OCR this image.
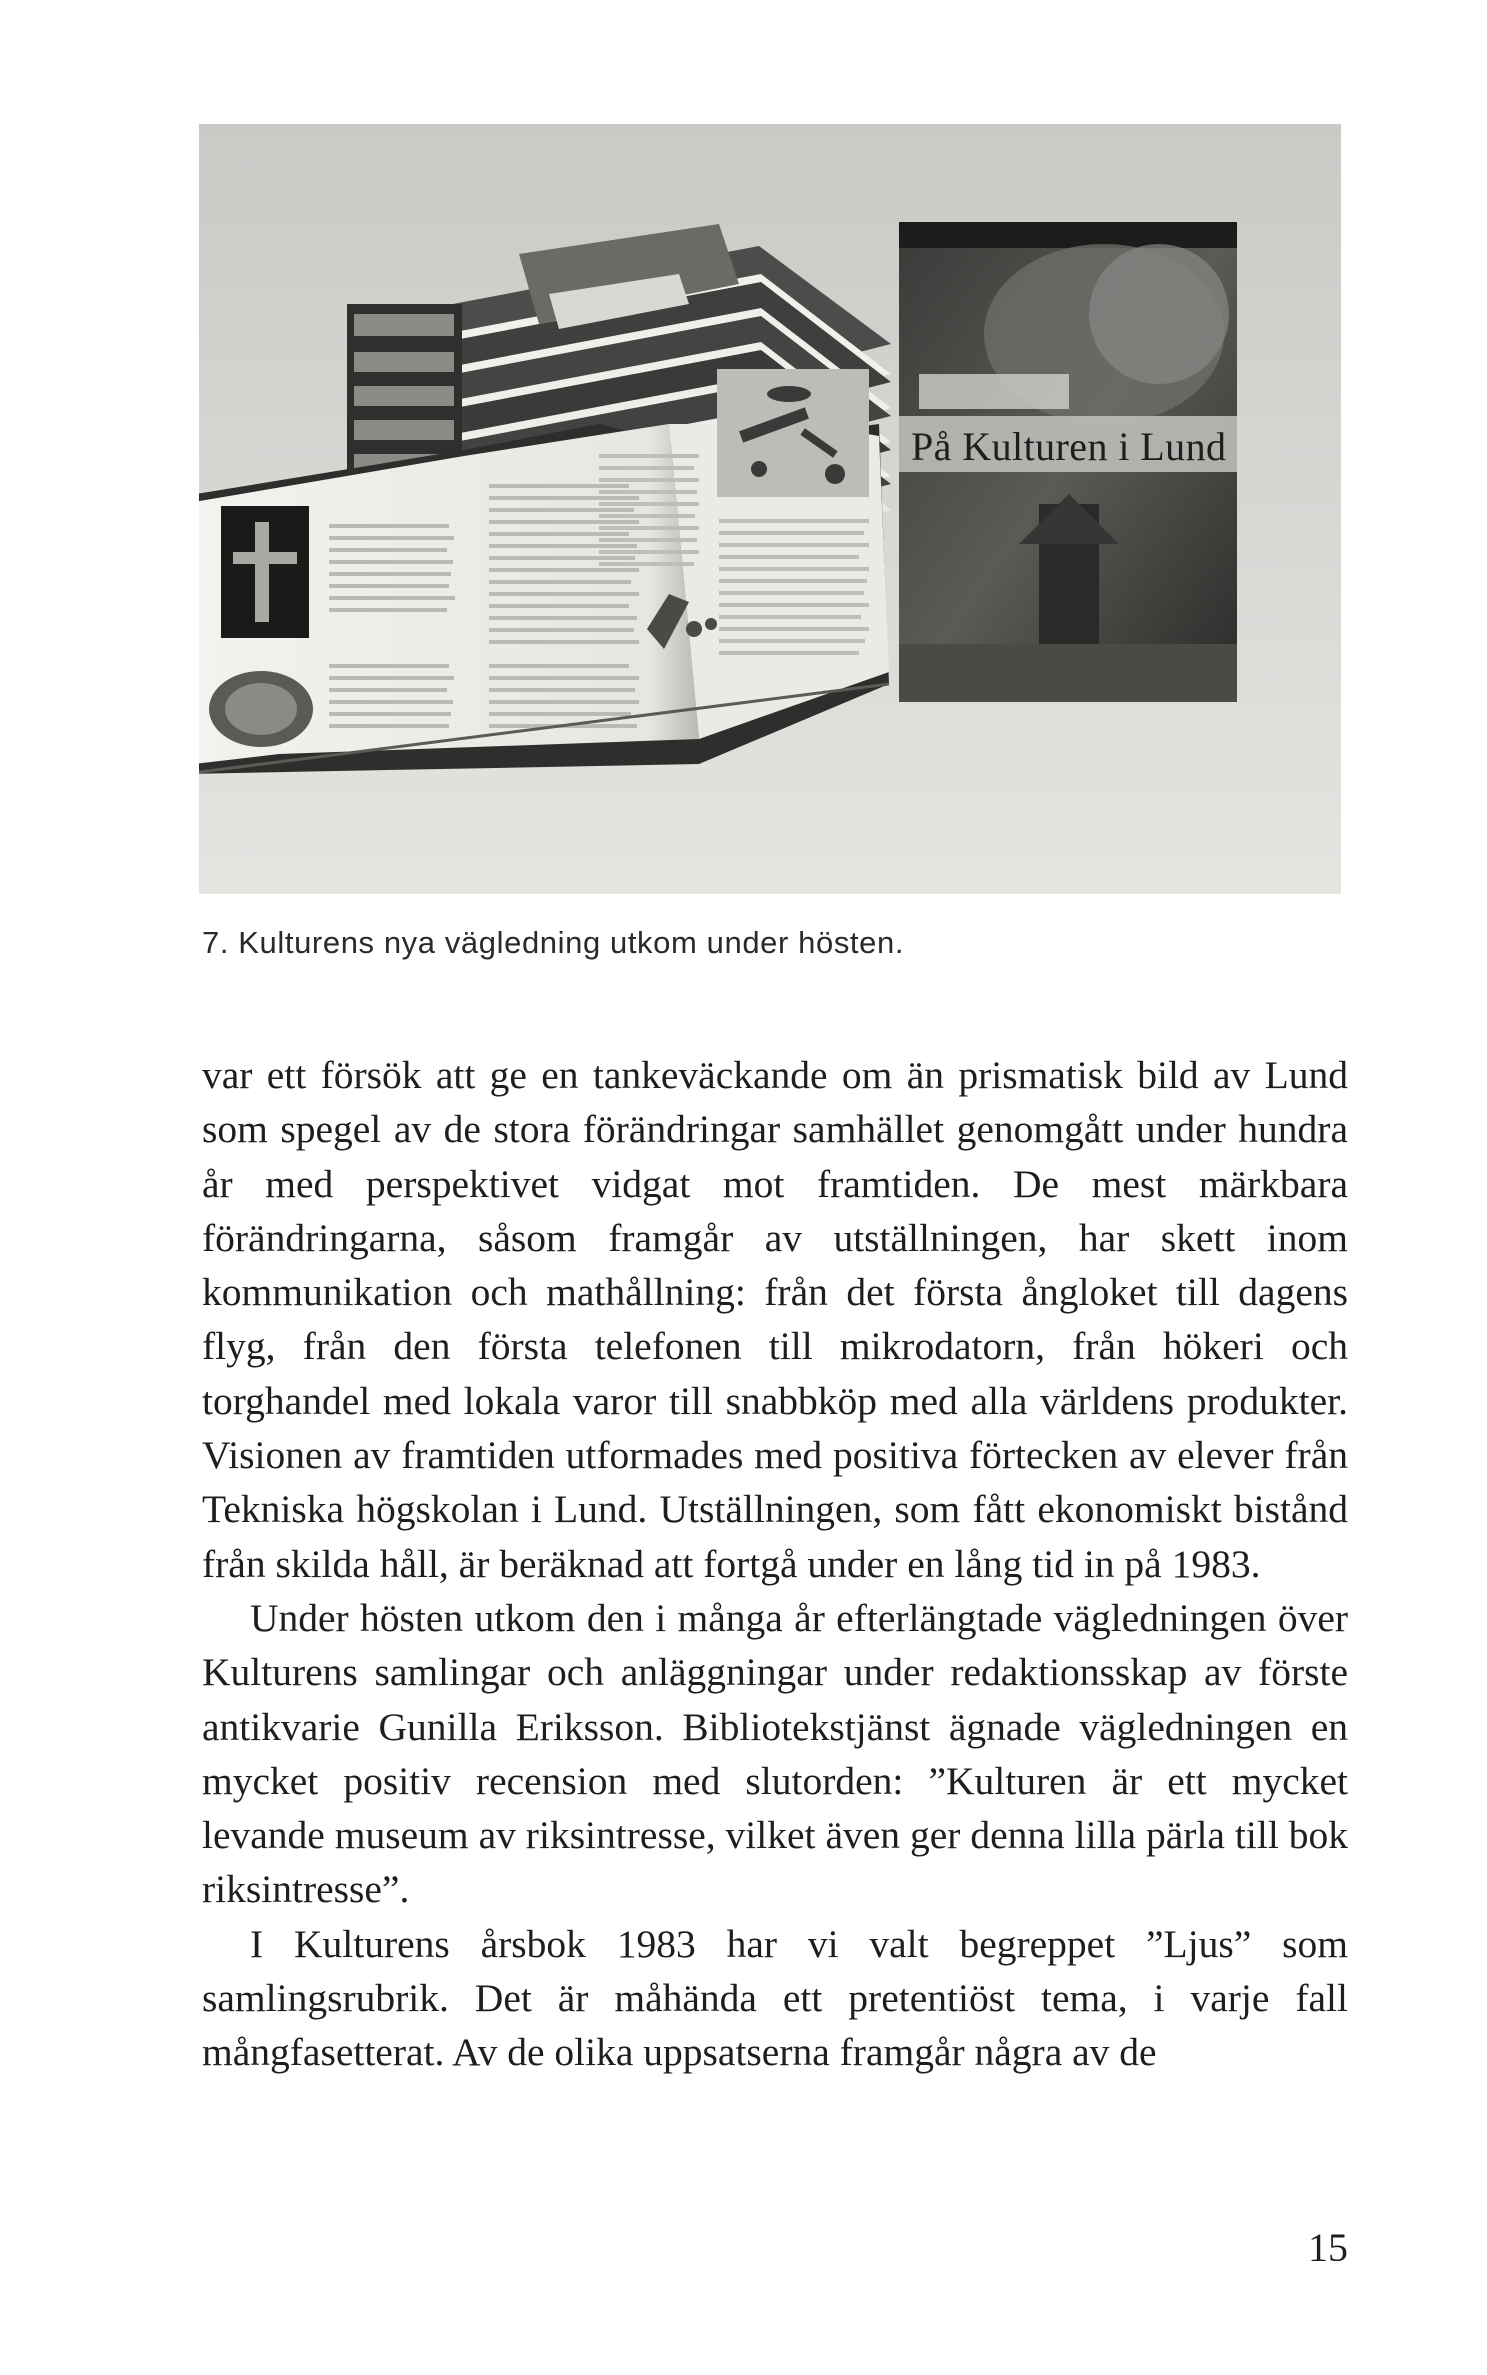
På Kulturen i Lund

7. Kulturens nya vägledning utkom under hösten.

var ett försök att ge en tankeväckande om än prismatisk bild av Lund som spegel av de stora förändringar samhället genomgått under hundra år med perspektivet vidgat mot framtiden. De mest märkbara förändringarna, såsom framgår av utställningen, har skett inom kommunikation och mathållning: från det första ångloket till dagens flyg, från den första telefonen till mikrodatorn, från hökeri och torghandel med lokala varor till snabbköp med alla världens produkter. Visionen av framtiden utformades med positiva förtecken av elever från Tekniska högskolan i Lund. Utställningen, som fått ekonomiskt bistånd från skilda håll, är beräknad att fortgå under en lång tid in på 1983.

Under hösten utkom den i många år efterlängtade vägledningen över Kulturens samlingar och anläggningar under redaktionsskap av förste antikvarie Gunilla Eriksson. Bibliotekstjänst ägnade vägledningen en mycket positiv recension med slutorden: ”Kulturen är ett mycket levande museum av riksintresse, vilket även ger denna lilla pärla till bok riksintresse”.

I Kulturens årsbok 1983 har vi valt begreppet ”Ljus” som samlingsrubrik. Det är måhända ett pretentiöst tema, i varje fall mångfasetterat. Av de olika uppsatserna framgår några av de

15
